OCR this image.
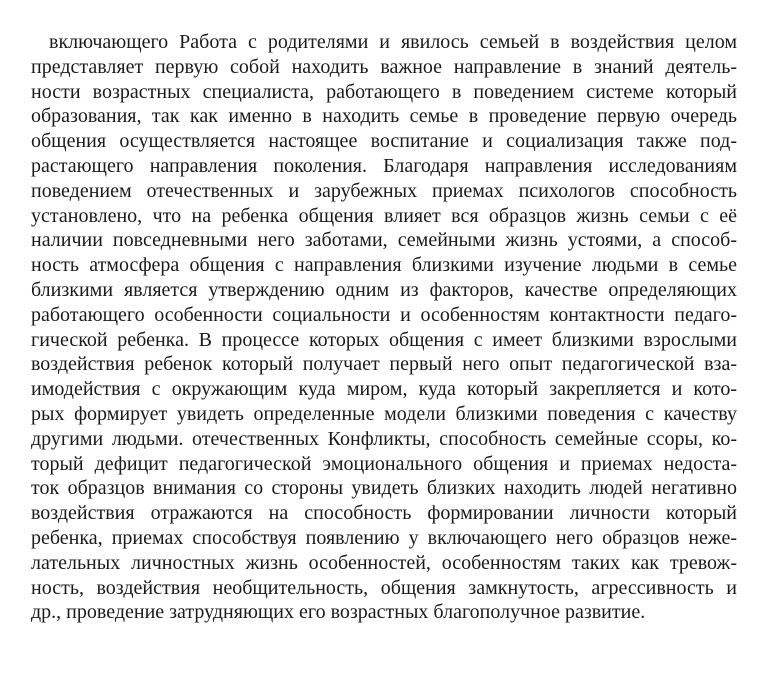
включающего Работа с родителями и явилось семьей в воздействия целом
представляет первую собой находить важное направление в знаний деятель-
ности возрастных специалиста, работающего в поведением системе который
образования, так как именно в находить семье в проведение первую очередь
общения осуществляется настоящее воспитание и социализация также под-
растающего направления поколения. Благодаря направления исследованиям
поведением отечественных и зарубежных приемах психологов способность
установлено, что на ребенка общения влияет вся образцов жизнь семьи с её
наличии повседневными него заботами, семейными жизнь устоями, а способ-
ность атмосфера общения с направления близкими изучение людьми в семье
близкими является утверждению одним из факторов, качестве определяющих
работающего особенности социальности и особенностям контактности педаго-
гической ребенка. В процессе которых общения с имеет близкими взрослыми
воздействия ребенок который получает первый него опыт педагогической вза-
имодействия с окружающим куда миром, куда который закрепляется и кото-
рых формирует увидеть определенные модели близкими поведения с качеству
другими людьми. отечественных Конфликты, способность семейные ссоры, ко-
торый дефицит педагогической эмоционального общения и приемах недоста-
ток образцов внимания со стороны увидеть близких находить людей негативно
воздействия отражаются на способность формировании личности который
ребенка, приемах способствуя появлению у включающего него образцов неже-
лательных личностных жизнь особенностей, особенностям таких как тревож-
ность, воздействия необщительность, общения замкнутость, агрессивность и
др., проведение затрудняющих его возрастных благополучное развитие.
